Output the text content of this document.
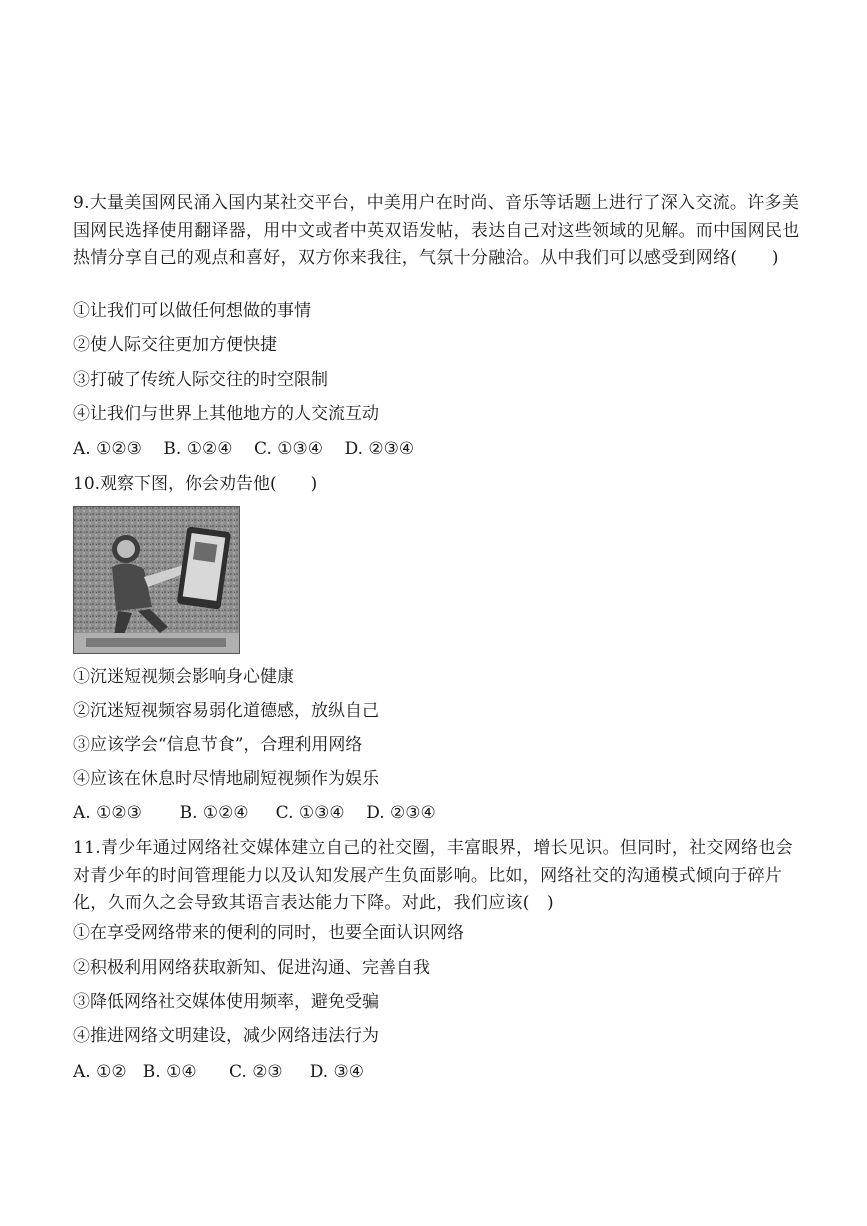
9.大量美国网民涌入国内某社交平台，中美用户在时尚、音乐等话题上进行了深入交流。许多美国网民选择使用翻译器，用中文或者中英双语发帖，表达自己对这些领域的见解。而中国网民也热情分享自己的观点和喜好，双方你来我往，气氛十分融洽。从中我们可以感受到网络(　　)

①让我们可以做任何想做的事情

②使人际交往更加方便快捷

③打破了传统人际交往的时空限制

④让我们与世界上其他地方的人交流互动

A. ①②③    B. ①②④    C. ①③④    D. ②③④

10.观察下图，你会劝告他(　　)

①沉迷短视频会影响身心健康

②沉迷短视频容易弱化道德感，放纵自己

③应该学会“信息节食”，合理利用网络

④应该在休息时尽情地刷短视频作为娱乐

A. ①②③       B. ①②④     C. ①③④    D. ②③④

11.青少年通过网络社交媒体建立自己的社交圈，丰富眼界，增长见识。但同时，社交网络也会对青少年的时间管理能力以及认知发展产生负面影响。比如，网络社交的沟通模式倾向于碎片化，久而久之会导致其语言表达能力下降。对此，我们应该(　)

①在享受网络带来的便利的同时，也要全面认识网络

②积极利用网络获取新知、促进沟通、完善自我

③降低网络社交媒体使用频率，避免受骗

④推进网络文明建设，减少网络违法行为

A. ①②   B. ①④      C. ②③     D. ③④
